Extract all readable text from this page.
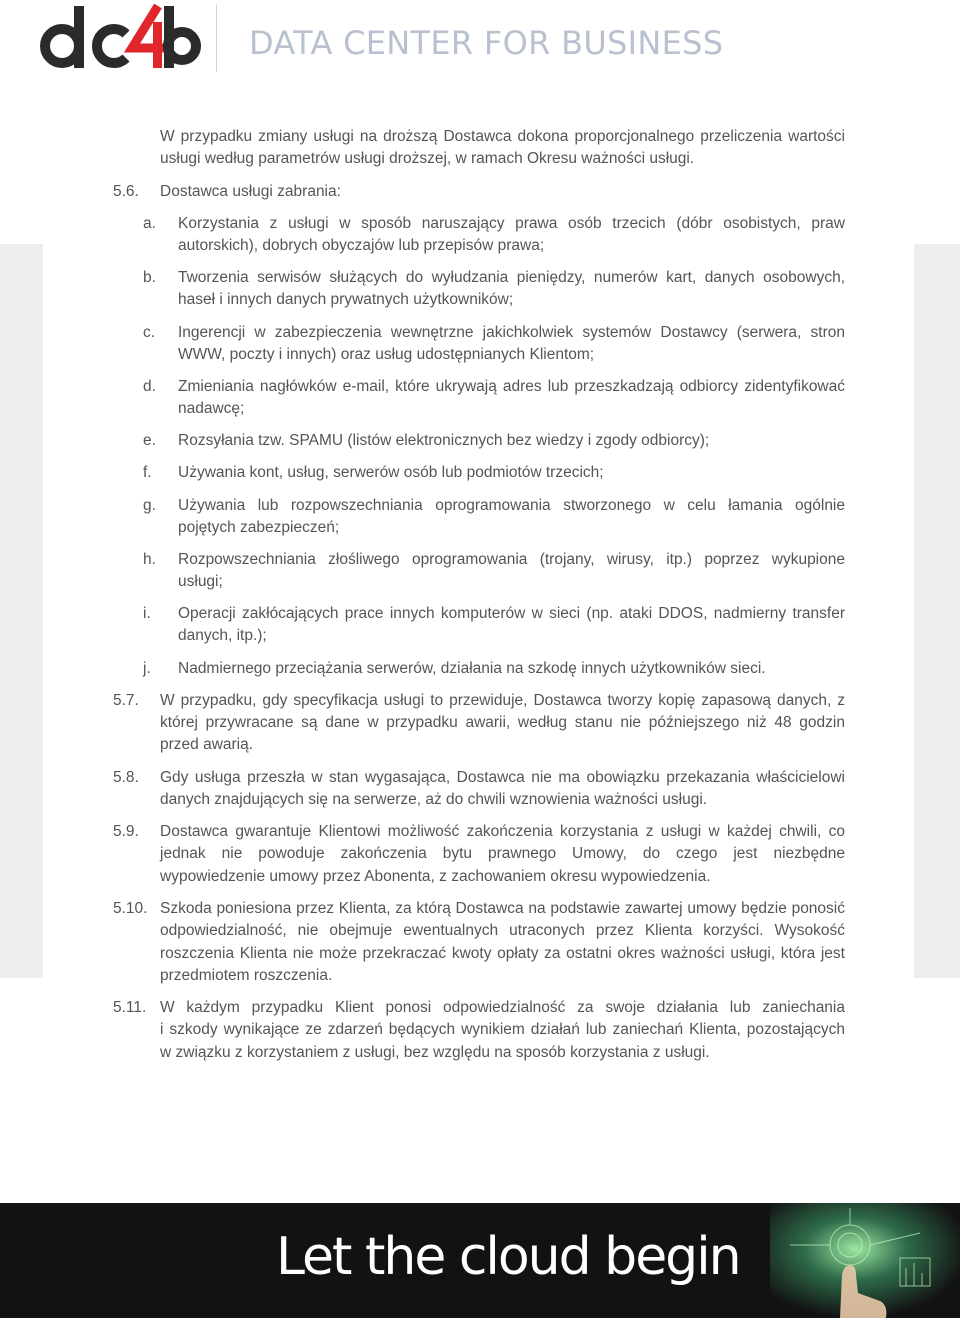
DATA CENTER FOR BUSINESS
W przypadku zmiany usługi na droższą Dostawca dokona proporcjonalnego przeliczenia wartości
usługi według parametrów usługi droższej, w ramach Okresu ważności usługi.
5.6. Dostawca usługi zabrania:
a. Korzystania z usługi w sposób naruszający prawa osób trzecich (dóbr osobistych, praw
autorskich), dobrych obyczajów lub przepisów prawa;
b. Tworzenia serwisów służących do wyłudzania pieniędzy, numerów kart, danych osobowych,
haseł i innych danych prywatnych użytkowników;
c. Ingerencji w zabezpieczenia wewnętrzne jakichkolwiek systemów Dostawcy (serwera, stron
WWW, poczty i innych) oraz usług udostępnianych Klientom;
d. Zmieniania nagłówków e-mail, które ukrywają adres lub przeszkadzają odbiorcy zidentyfikować
nadawcę;
e. Rozsyłania tzw. SPAMU (listów elektronicznych bez wiedzy i zgody odbiorcy);
f. Używania kont, usług, serwerów osób lub podmiotów trzecich;
g. Używania lub rozpowszechniania oprogramowania stworzonego w celu łamania ogólnie
pojętych zabezpieczeń;
h. Rozpowszechniania złośliwego oprogramowania (trojany, wirusy, itp.) poprzez wykupione
usługi;
i. Operacji zakłócających prace innych komputerów w sieci (np. ataki DDOS, nadmierny transfer
danych, itp.);
j. Nadmiernego przeciążania serwerów, działania na szkodę innych użytkowników sieci.
5.7. W przypadku, gdy specyfikacja usługi to przewiduje, Dostawca tworzy kopię zapasową danych, z
której przywracane są dane w przypadku awarii, według stanu nie późniejszego niż 48 godzin
przed awarią.
5.8. Gdy usługa przeszła w stan wygasająca, Dostawca nie ma obowiązku przekazania właścicielowi
danych znajdujących się na serwerze, aż do chwili wznowienia ważności usługi.
5.9. Dostawca gwarantuje Klientowi możliwość zakończenia korzystania z usługi w każdej chwili, co
jednak nie powoduje zakończenia bytu prawnego Umowy, do czego jest niezbędne
wypowiedzenie umowy przez Abonenta, z zachowaniem okresu wypowiedzenia.
5.10. Szkoda poniesiona przez Klienta, za którą Dostawca na podstawie zawartej umowy będzie ponosić
odpowiedzialność, nie obejmuje ewentualnych utraconych przez Klienta korzyści. Wysokość
roszczenia Klienta nie może przekraczać kwoty opłaty za ostatni okres ważności usługi, która jest
przedmiotem roszczenia.
5.11. W każdym przypadku Klient ponosi odpowiedzialność za swoje działania lub zaniechania
i szkody wynikające ze zdarzeń będących wynikiem działań lub zaniechań Klienta, pozostających
w związku z korzystaniem z usługi, bez względu na sposób korzystania z usługi.
Let the cloud begin
